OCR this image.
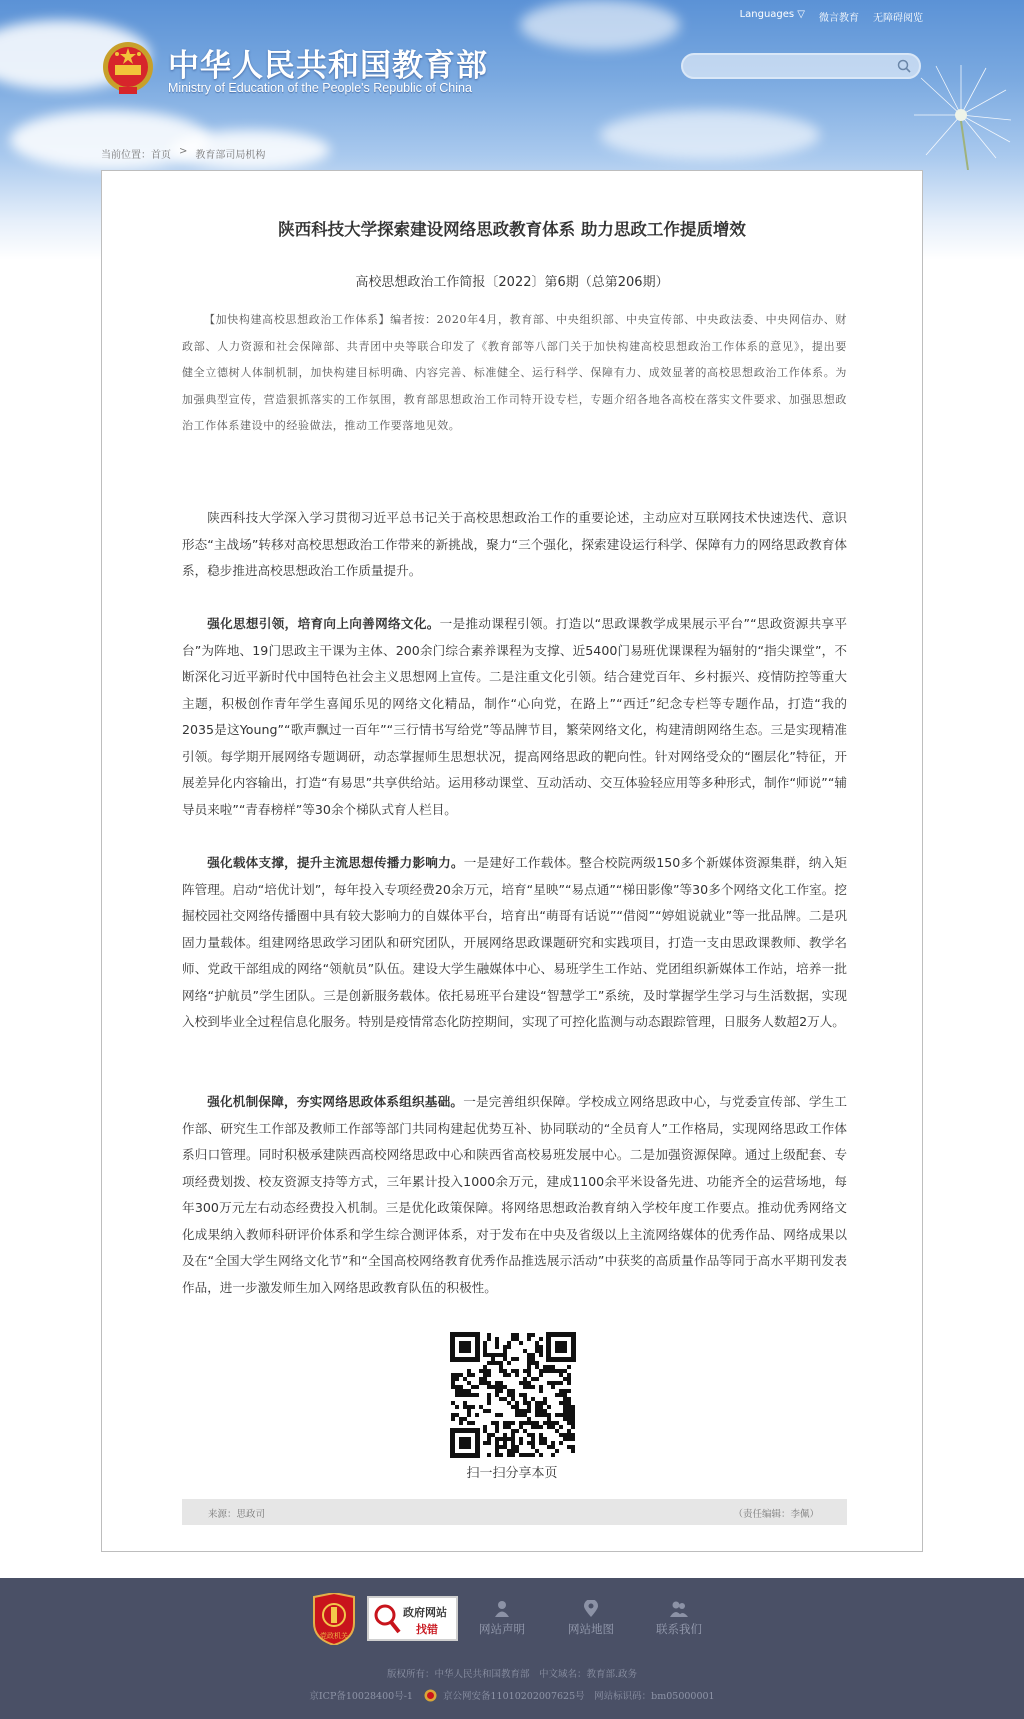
Languages ▽ 微言教育 无障碍阅览
中华人民共和国教育部
Ministry of Education of the People's Republic of China
当前位置： 首页 > 教育部司局机构
陕西科技大学探索建设网络思政教育体系 助力思政工作提质增效
高校思想政治工作简报〔2022〕第6期（总第206期）
【加快构建高校思想政治工作体系】编者按：2020年4月，教育部、中央组织部、中央宣传部、中央政法委、中央网信办、财政部、人力资源和社会保障部、共青团中央等联合印发了《教育部等八部门关于加快构建高校思想政治工作体系的意见》，提出要健全立德树人体制机制，加快构建目标明确、内容完善、标准健全、运行科学、保障有力、成效显著的高校思想政治工作体系。为加强典型宣传，营造狠抓落实的工作氛围，教育部思想政治工作司特开设专栏，专题介绍各地各高校在落实文件要求、加强思想政治工作体系建设中的经验做法，推动工作要落地见效。
陕西科技大学深入学习贯彻习近平总书记关于高校思想政治工作的重要论述，主动应对互联网技术快速迭代、意识形态“主战场”转移对高校思想政治工作带来的新挑战，聚力“三个强化，探索建设运行科学、保障有力的网络思政教育体系，稳步推进高校思想政治工作质量提升。
强化思想引领，培育向上向善网络文化。一是推动课程引领。打造以“思政课教学成果展示平台”“思政资源共享平台”为阵地、19门思政主干课为主体、200余门综合素养课程为支撑、近5400门易班优课课程为辐射的“指尖课堂”，不断深化习近平新时代中国特色社会主义思想网上宣传。二是注重文化引领。结合建党百年、乡村振兴、疫情防控等重大主题，积极创作青年学生喜闻乐见的网络文化精品，制作“心向党，在路上”“西迁”纪念专栏等专题作品，打造“我的2035是这Young”“歌声飘过一百年”“三行情书写给党”等品牌节目，繁荣网络文化，构建清朗网络生态。三是实现精准引领。每学期开展网络专题调研，动态掌握师生思想状况，提高网络思政的靶向性。针对网络受众的“圈层化”特征，开展差异化内容输出，打造“有易思”共享供给站。运用移动课堂、互动活动、交互体验轻应用等多种形式，制作“师说”“辅导员来啦”“青春榜样”等30余个梯队式育人栏目。
强化载体支撑，提升主流思想传播力影响力。一是建好工作载体。整合校院两级150多个新媒体资源集群，纳入矩阵管理。启动“培优计划”，每年投入专项经费20余万元，培育“星映”“易点通”“梯田影像”等30多个网络文化工作室。挖掘校园社交网络传播圈中具有较大影响力的自媒体平台，培育出“萌哥有话说”“借阅”“婷姐说就业”等一批品牌。二是巩固力量载体。组建网络思政学习团队和研究团队，开展网络思政课题研究和实践项目，打造一支由思政课教师、教学名师、党政干部组成的网络“领航员”队伍。建设大学生融媒体中心、易班学生工作站、党团组织新媒体工作站，培养一批网络“护航员”学生团队。三是创新服务载体。依托易班平台建设“智慧学工”系统，及时掌握学生学习与生活数据，实现入校到毕业全过程信息化服务。特别是疫情常态化防控期间，实现了可控化监测与动态跟踪管理，日服务人数超2万人。
强化机制保障，夯实网络思政体系组织基础。一是完善组织保障。学校成立网络思政中心，与党委宣传部、学生工作部、研究生工作部及教师工作部等部门共同构建起优势互补、协同联动的“全员育人”工作格局，实现网络思政工作体系归口管理。同时积极承建陕西高校网络思政中心和陕西省高校易班发展中心。二是加强资源保障。通过上级配套、专项经费划拨、校友资源支持等方式，三年累计投入1000余万元，建成1100余平米设备先进、功能齐全的运营场地，每年300万元左右动态经费投入机制。三是优化政策保障。将网络思想政治教育纳入学校年度工作要点。推动优秀网络文化成果纳入教师科研评价体系和学生综合测评体系，对于发布在中央及省级以上主流网络媒体的优秀作品、网络成果以及在“全国大学生网络文化节”和“全国高校网络教育优秀作品推选展示活动”中获奖的高质量作品等同于高水平期刊发表作品，进一步激发师生加入网络思政教育队伍的积极性。
扫一扫分享本页
来源：思政司	（责任编辑：李佩）
党政机关
政府网站
找错	网站声明	网站地图	联系我们
版权所有：中华人民共和国教育部　中文域名：教育部.政务
京ICP备10028400号-1	京公网安备11010202007625号　网站标识码：bm05000001
